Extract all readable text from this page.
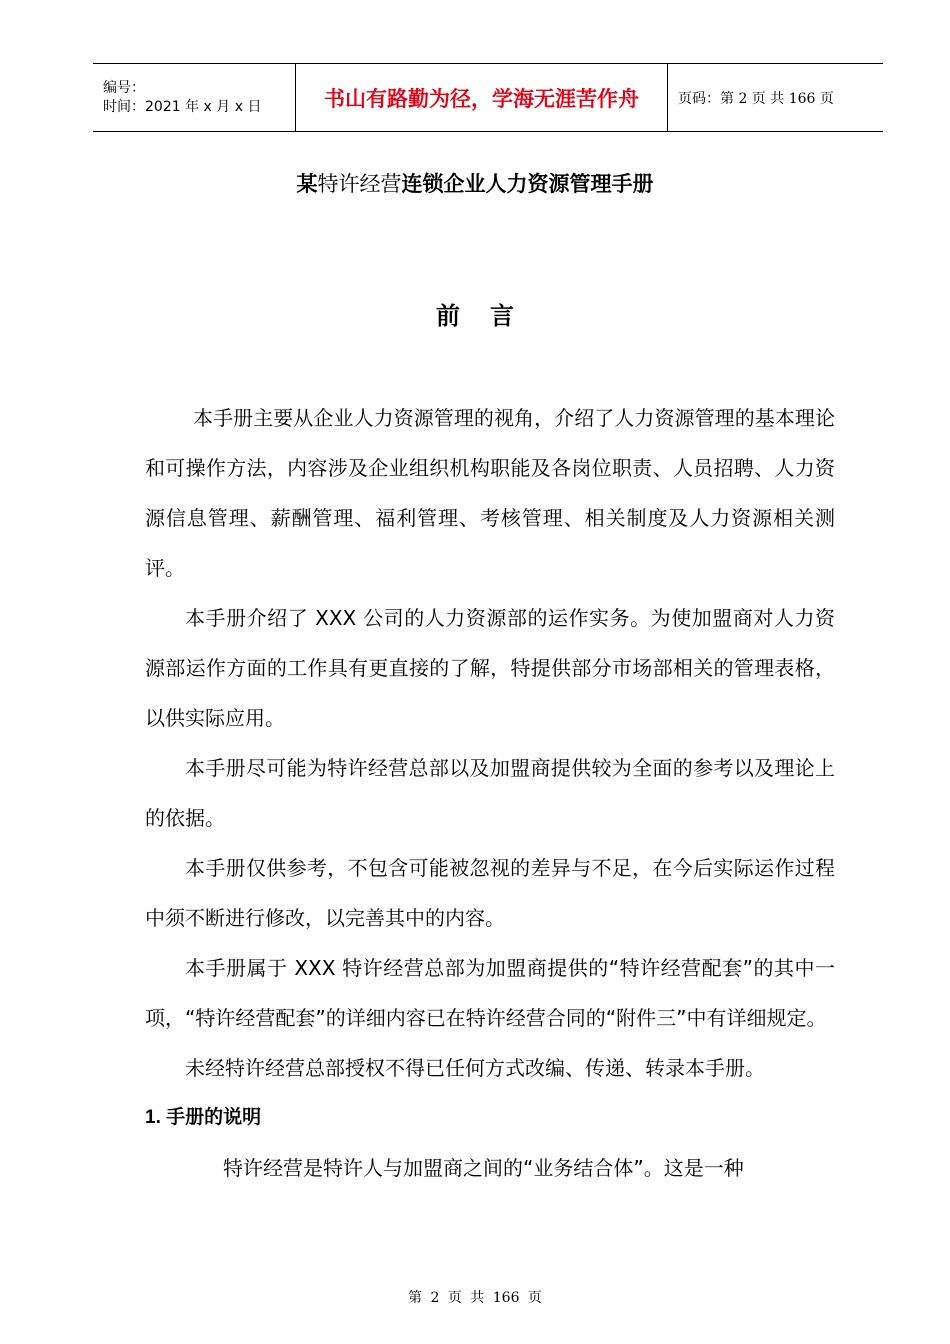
编号：
时间：2021 年 x 月 x 日	书山有路勤为径，学海无涯苦作舟	页码：第 2 页 共 166 页
某特许经营连锁企业人力资源管理手册
前言

本手册主要从企业人力资源管理的视角，介绍了人力资源管理的基本理论和可操作方法，内容涉及企业组织机构职能及各岗位职责、人员招聘、人力资源信息管理、薪酬管理、福利管理、考核管理、相关制度及人力资源相关测评。

本手册介绍了 XXX 公司的人力资源部的运作实务。为使加盟商对人力资源部运作方面的工作具有更直接的了解，特提供部分市场部相关的管理表格，以供实际应用。

本手册尽可能为特许经营总部以及加盟商提供较为全面的参考以及理论上的依据。

本手册仅供参考，不包含可能被忽视的差异与不足，在今后实际运作过程中须不断进行修改，以完善其中的内容。

本手册属于 XXX 特许经营总部为加盟商提供的“特许经营配套”的其中一项，“特许经营配套”的详细内容已在特许经营合同的“附件三”中有详细规定。

未经特许经营总部授权不得已任何方式改编、传递、转录本手册。

1. 手册的说明

特许经营是特许人与加盟商之间的“业务结合体”。这是一种

第 2 页 共 166 页
